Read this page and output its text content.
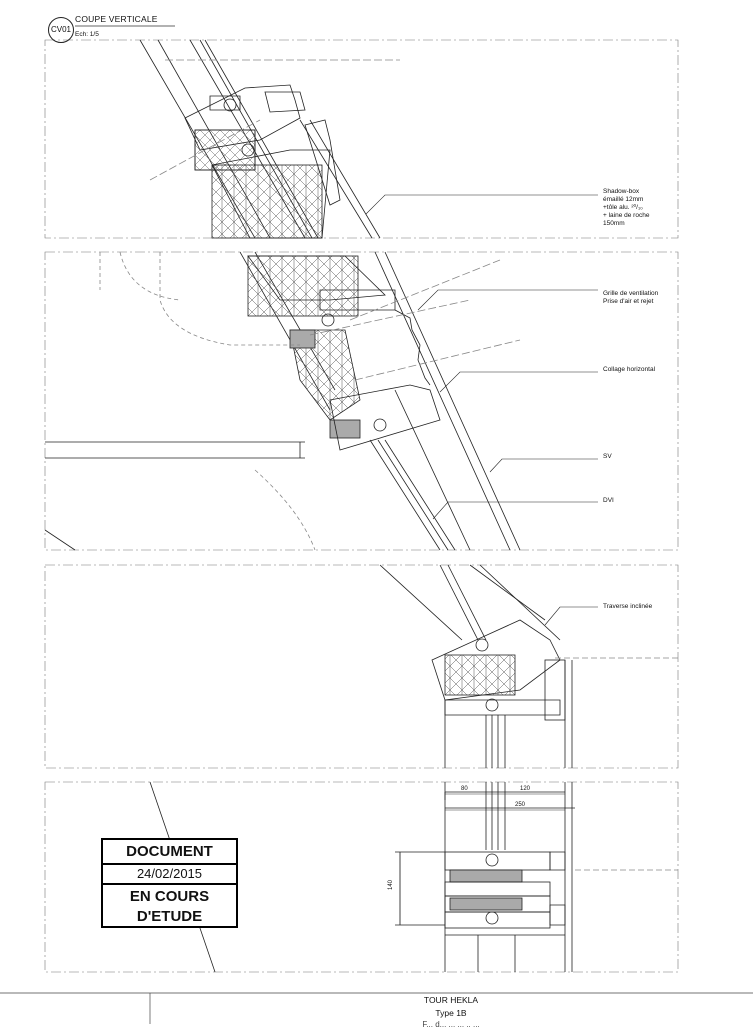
CV01
COUPE VERTICALE
Ech: 1/5
Shadow-box
émaillé 12mm
+tôle alu. ²⁰/₁₀
+ laine de roche
150mm
Grille de ventilation
Prise d'air et rejet
Collage horizontal
SV
DVI
Traverse inclinée
80	120
250
140
DOCUMENT
24/02/2015
EN COURS
D'ETUDE
TOUR HEKLA
Type 1B
F... d... ... ... .. ...
